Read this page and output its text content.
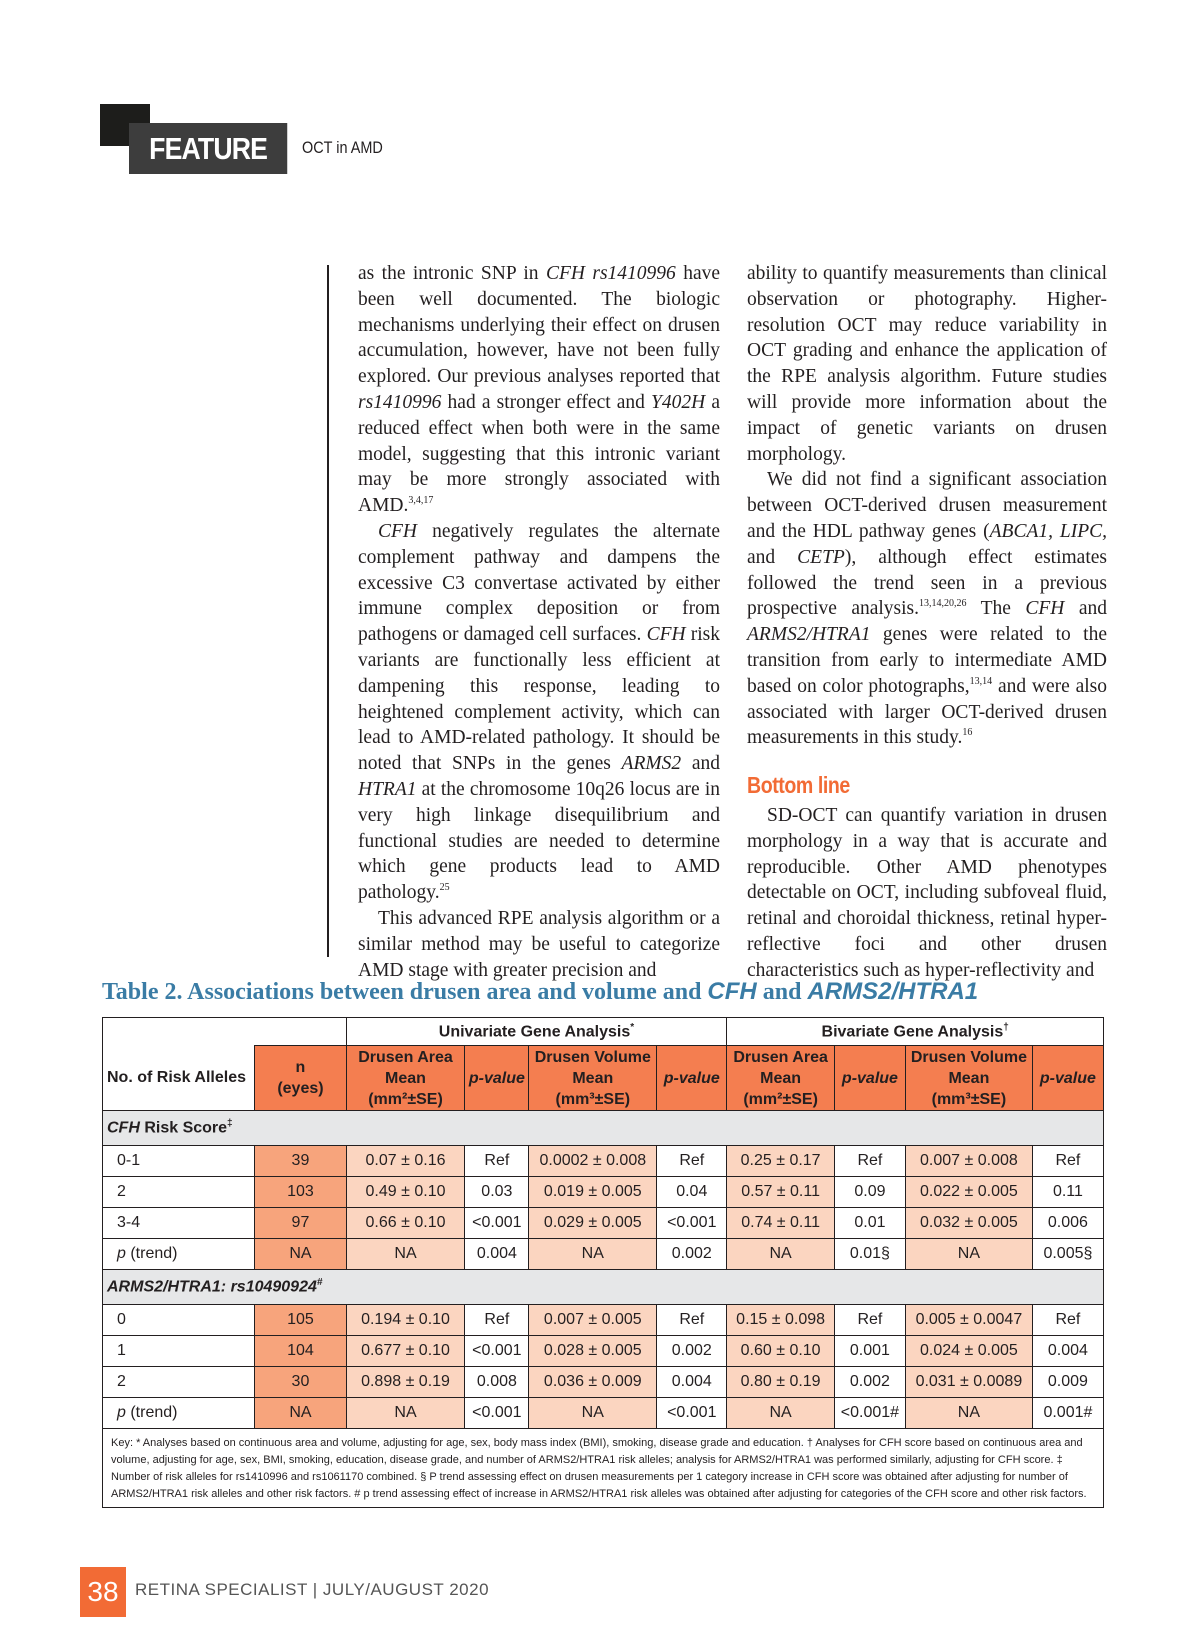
FEATURE	OCT in AMD

as the intronic SNP in CFH rs1410996 have been well documented. The biologic mechanisms underlying their effect on drusen accumulation, however, have not been fully explored. Our previous analyses reported that rs1410996 had a stronger effect and Y402H a reduced effect when both were in the same model, suggesting that this intronic variant may be more strongly associated with AMD.$^{3,4,17}$

CFH negatively regulates the alternate complement pathway and dampens the excessive C3 convertase activated by either immune complex deposition or from pathogens or damaged cell surfaces. CFH risk variants are functionally less efficient at dampening this response, leading to heightened complement activity, which can lead to AMD-related pathology. It should be noted that SNPs in the genes ARMS2 and HTRA1 at the chromosome 10q26 locus are in very high linkage disequilibrium and functional studies are needed to determine which gene products lead to AMD pathology.$^{25}$

This advanced RPE analysis algorithm or a similar method may be useful to categorize AMD stage with greater precision and

ability to quantify measurements than clinical observation or photography. Higher-resolution OCT may reduce variability in OCT grading and enhance the application of the RPE analysis algorithm. Future studies will provide more information about the impact of genetic variants on drusen morphology.

We did not find a significant association between OCT-derived drusen measurement and the HDL pathway genes (ABCA1, LIPC, and CETP), although effect estimates followed the trend seen in a previous prospective analysis.$^{13,14,20,26}$ The CFH and ARMS2/HTRA1 genes were related to the transition from early to intermediate AMD based on color photographs,$^{13,14}$ and were also associated with larger OCT-derived drusen measurements in this study.$^{16}$

Bottom line

SD-OCT can quantify variation in drusen morphology in a way that is accurate and reproducible. Other AMD phenotypes detectable on OCT, including subfoveal fluid, retinal and choroidal thickness, retinal hyper-reflective foci and other drusen characteristics such as hyper-reflectivity and

Table 2. Associations between drusen area and volume and CFH and ARMS2/HTRA1
		Univariate Gene Analysis*				Bivariate Gene Analysis†
No. of Risk Alleles	n
(eyes)	Drusen Area
Mean
(mm²±SE)	p-value	Drusen Volume
Mean
(mm³±SE)	p-value	Drusen Area
Mean
(mm²±SE)	p-value	Drusen Volume
Mean
(mm³±SE)	p-value
CFH Risk Score‡
0-1	39	0.07 ± 0.16	Ref	0.0002 ± 0.008	Ref	0.25 ± 0.17	Ref	0.007 ± 0.008	Ref
2	103	0.49 ± 0.10	0.03	0.019 ± 0.005	0.04	0.57 ± 0.11	0.09	0.022 ± 0.005	0.11
3-4	97	0.66 ± 0.10	<0.001	0.029 ± 0.005	<0.001	0.74 ± 0.11	0.01	0.032 ± 0.005	0.006
p (trend)	NA	NA	0.004	NA	0.002	NA	0.01§	NA	0.005§
ARMS2/HTRA1: rs10490924#
0	105	0.194 ± 0.10	Ref	0.007 ± 0.005	Ref	0.15 ± 0.098	Ref	0.005 ± 0.0047	Ref
1	104	0.677 ± 0.10	<0.001	0.028 ± 0.005	0.002	0.60 ± 0.10	0.001	0.024 ± 0.005	0.004
2	30	0.898 ± 0.19	0.008	0.036 ± 0.009	0.004	0.80 ± 0.19	0.002	0.031 ± 0.0089	0.009
p (trend)	NA	NA	<0.001	NA	<0.001	NA	<0.001#	NA	0.001#
Key: * Analyses based on continuous area and volume, adjusting for age, sex, body mass index (BMI), smoking, disease grade and education. † Analyses for CFH score based on continuous area and volume, adjusting for age, sex, BMI, smoking, education, disease grade, and number of ARMS2/HTRA1 risk alleles; analysis for ARMS2/HTRA1 was performed similarly, adjusting for CFH score. ‡ Number of risk alleles for rs1410996 and rs1061170 combined. § P trend assessing effect on drusen measurements per 1 category increase in CFH score was obtained after adjusting for number of ARMS2/HTRA1 risk alleles and other risk factors. # p trend assessing effect of increase in ARMS2/HTRA1 risk alleles was obtained after adjusting for categories of the CFH score and other risk factors.									
38 RETINA SPECIALIST | JULY/AUGUST 2020
